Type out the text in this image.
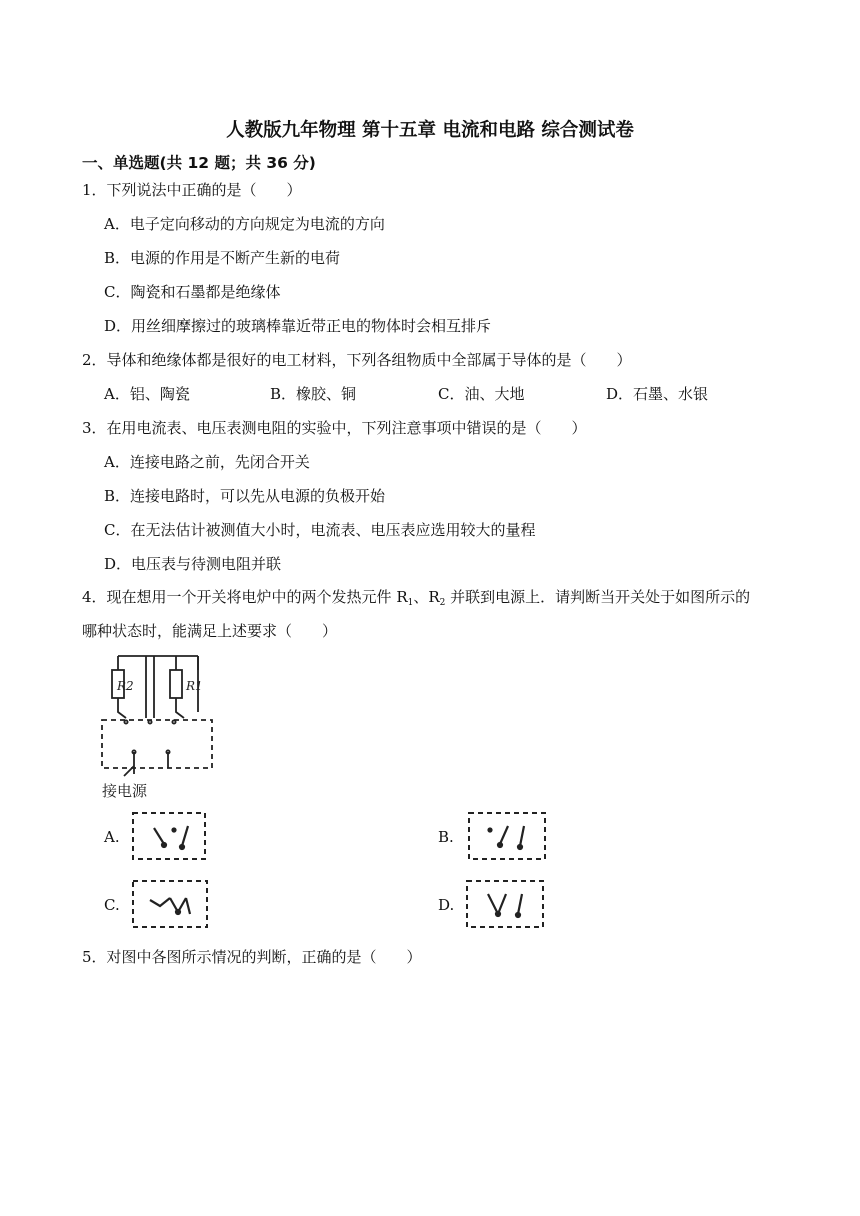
人教版九年物理 第十五章 电流和电路 综合测试卷
一、单选题(共 12 题；共 36 分)
1．下列说法中正确的是（　　）
A．电子定向移动的方向规定为电流的方向
B．电源的作用是不断产生新的电荷
C．陶瓷和石墨都是绝缘体
D．用丝细摩擦过的玻璃棒靠近带正电的物体时会相互排斥
2．导体和绝缘体都是很好的电工材料，下列各组物质中全部属于导体的是（　　）
A．铝、陶瓷	B．橡胶、铜	C．油、大地	D．石墨、水银
3．在用电流表、电压表测电阻的实验中，下列注意事项中错误的是（　　）
A．连接电路之前，先闭合开关
B．连接电路时，可以先从电源的负极开始
C．在无法估计被测值大小时，电流表、电压表应选用较大的量程
D．电压表与待测电阻并联
4．现在想用一个开关将电炉中的两个发热元件 $R_1$、$R_2$ 并联到电源上．请判断当开关处于如图所示的
哪种状态时，能满足上述要求（　　）
R2	R1
接电源
A.	B.
C.	D.
5．对图中各图所示情况的判断，正确的是（　　）
